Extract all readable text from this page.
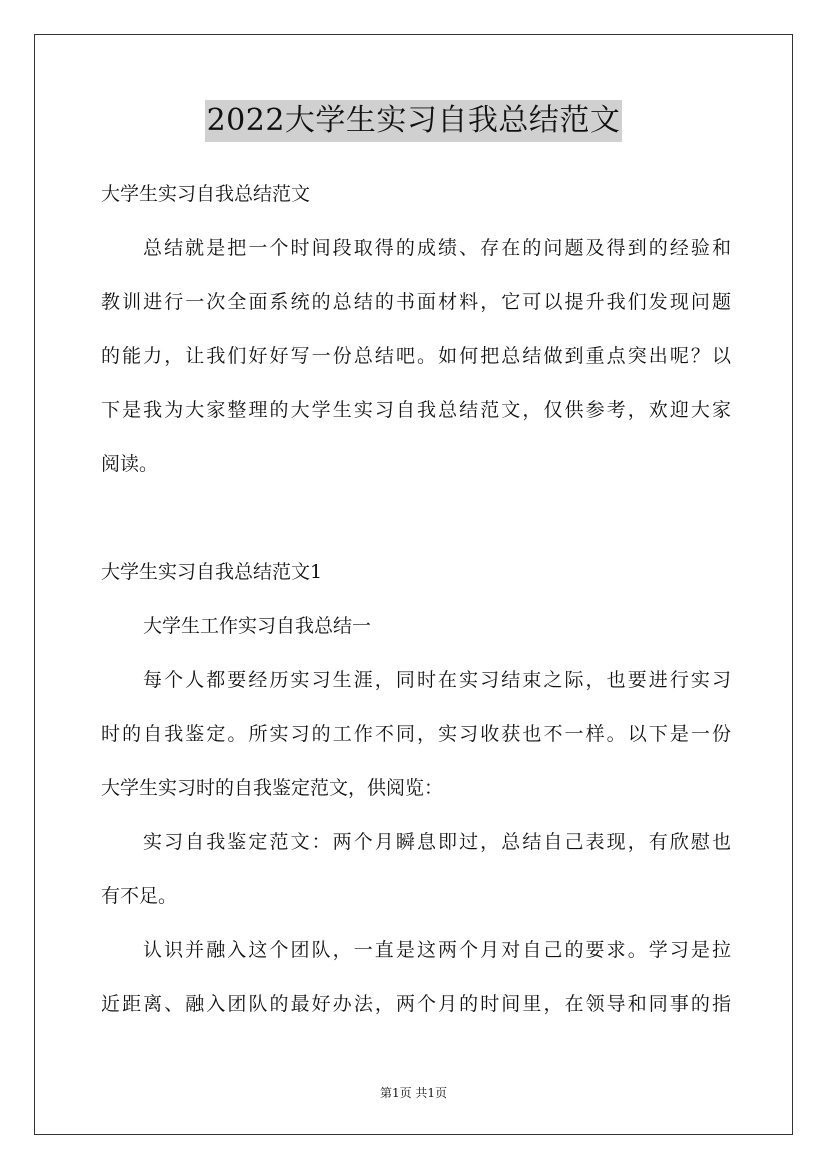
2022大学生实习自我总结范文
大学生实习自我总结范文
总结就是把一个时间段取得的成绩、存在的问题及得到的经验和
教训进行一次全面系统的总结的书面材料，它可以提升我们发现问题
的能力，让我们好好写一份总结吧。如何把总结做到重点突出呢？以
下是我为大家整理的大学生实习自我总结范文，仅供参考，欢迎大家
阅读。
大学生实习自我总结范文1
大学生工作实习自我总结一
每个人都要经历实习生涯，同时在实习结束之际，也要进行实习
时的自我鉴定。所实习的工作不同，实习收获也不一样。以下是一份
大学生实习时的自我鉴定范文，供阅览：
实习自我鉴定范文：两个月瞬息即过，总结自己表现，有欣慰也
有不足。
认识并融入这个团队，一直是这两个月对自己的要求。学习是拉
近距离、融入团队的最好办法，两个月的时间里，在领导和同事的指
第1页 共1页
